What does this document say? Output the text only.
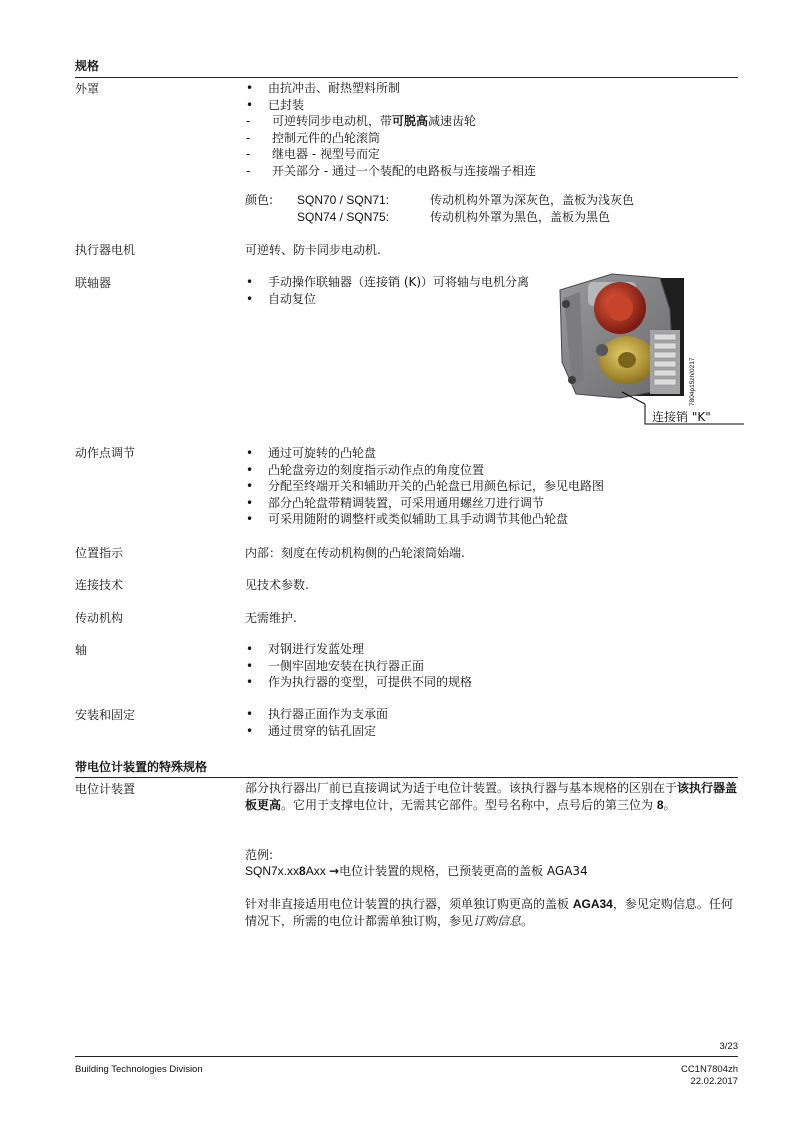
规格
外罩	• 由抗冲击、耐热塑料所制
• 已封装
- 可逆转同步电动机，带可脱高减速齿轮
- 控制元件的凸轮滚筒
- 继电器 - 视型号而定
- 开关部分 - 通过一个装配的电路板与连接端子相连
颜色: SQN70 / SQN71:	传动机构外罩为深灰色，盖板为浅灰色
SQN74 / SQN75:	传动机构外罩为黑色，盖板为黑色
执行器电机	可逆转、防卡同步电动机.
联轴器	• 手动操作联轴器（连接销 (K)）可将轴与电机分离
• 自动复位
7804p15zh/0217
连接销 "K"
动作点调节	• 通过可旋转的凸轮盘
• 凸轮盘旁边的刻度指示动作点的角度位置
• 分配至终端开关和辅助开关的凸轮盘已用颜色标记，参见电路图
• 部分凸轮盘带精调装置，可采用通用螺丝刀进行调节
• 可采用随附的调整杆或类似辅助工具手动调节其他凸轮盘
位置指示	内部：刻度在传动机构侧的凸轮滚筒始端.
连接技术	见技术参数.
传动机构	无需维护.
轴	• 对钢进行发蓝处理
• 一侧牢固地安装在执行器正面
• 作为执行器的变型，可提供不同的规格
安装和固定	• 执行器正面作为支承面
• 通过贯穿的钻孔固定
带电位计装置的特殊规格
电位计装置	部分执行器出厂前已直接调试为适于电位计装置。该执行器与基本规格的区别在于该执行器盖板更高。它用于支撑电位计，无需其它部件。型号名称中，点号后的第三位为 8。
范例:
SQN7x.xx8Axx →电位计装置的规格，已预装更高的盖板 AGA34
针对非直接适用电位计装置的执行器，须单独订购更高的盖板 AGA34，参见定购信息。任何情况下，所需的电位计都需单独订购，参见订购信息。
3/23
Building Technologies Division	CC1N7804zh
22.02.2017
